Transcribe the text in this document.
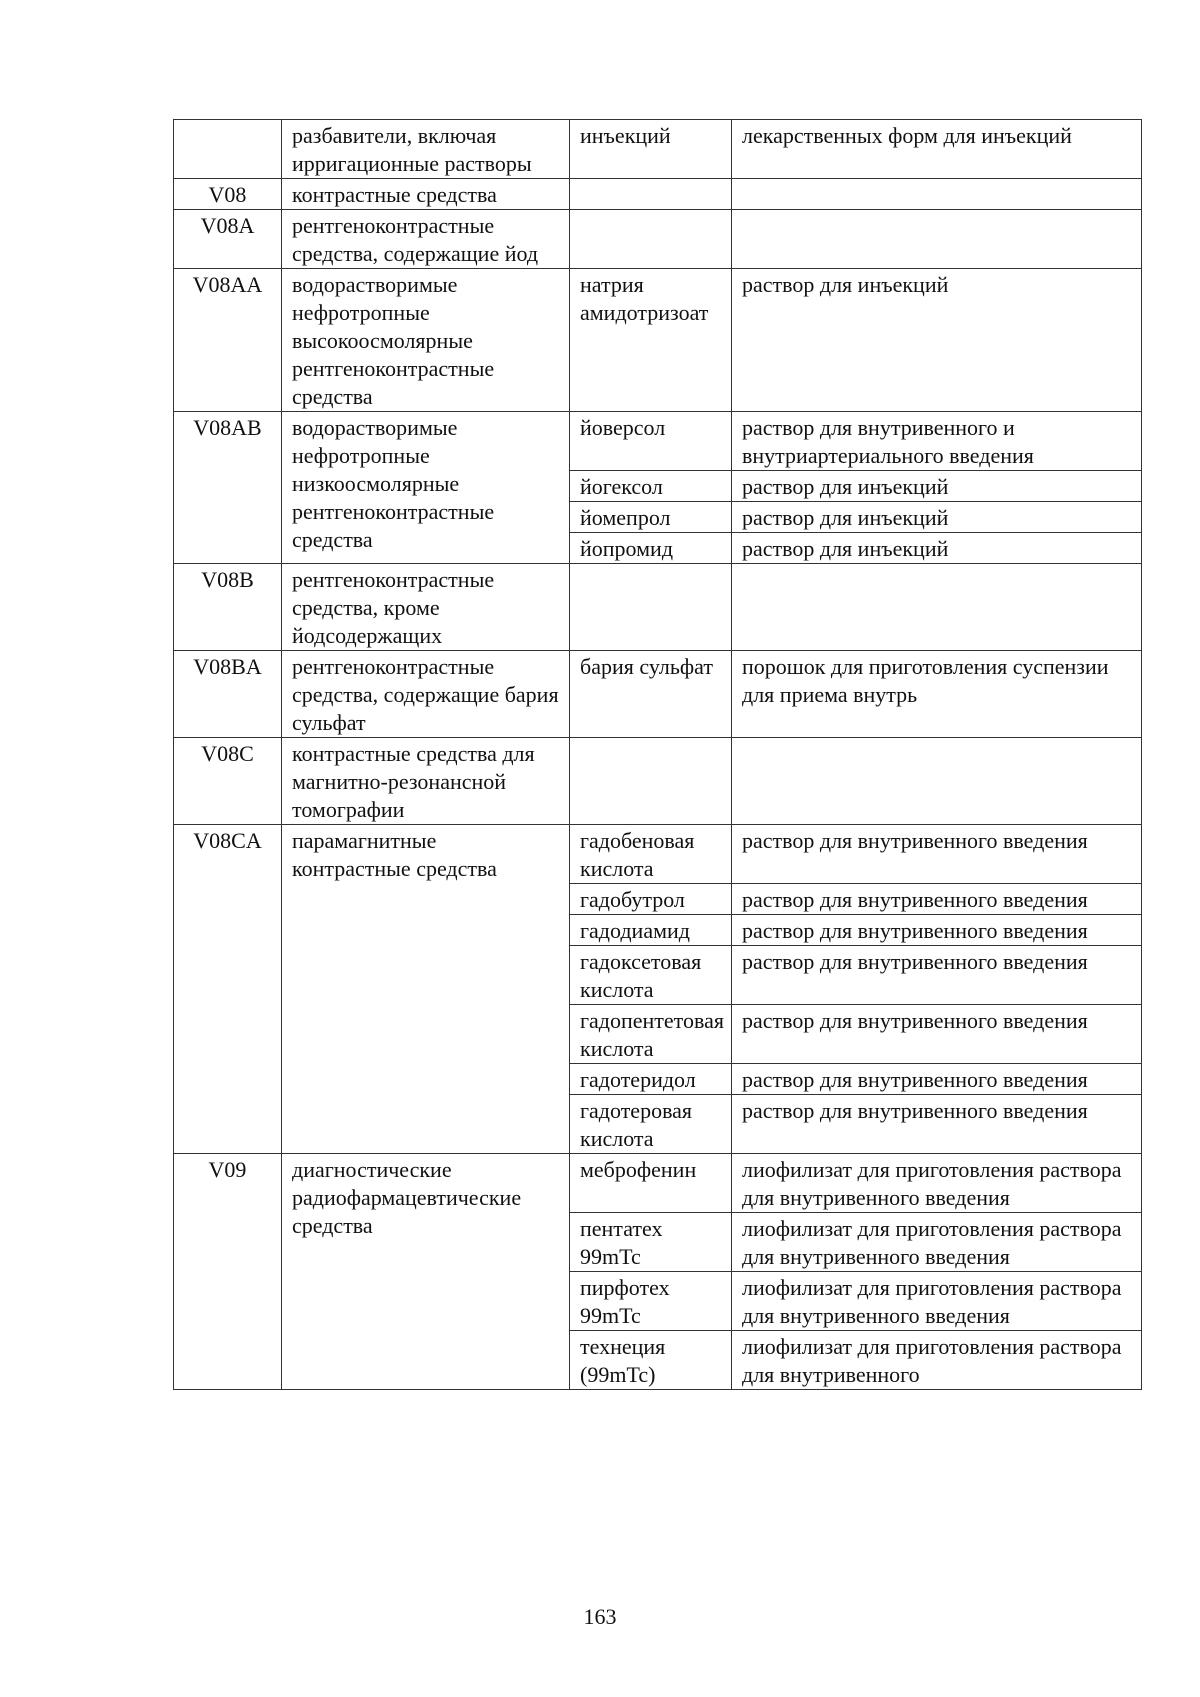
	разбавители, включая ирригационные растворы	инъекций	лекарственных форм для инъекций
V08	контрастные средства		
V08A	рентгеноконтрастные средства, содержащие йод		
V08AA	водорастворимые нефротропные высокоосмолярные рентгеноконтрастные средства	натрия амидотризоат	раствор для инъекций
V08AB	водорастворимые нефротропные низкоосмолярные рентгеноконтрастные средства	йоверсол	раствор для внутривенного и внутриартериального введения
		йогексол	раствор для инъекций
		йомепрол	раствор для инъекций
		йопромид	раствор для инъекций
V08B	рентгеноконтрастные средства, кроме йодсодержащих		
V08BA	рентгеноконтрастные средства, содержащие бария сульфат	бария сульфат	порошок для приготовления суспензии для приема внутрь
V08C	контрастные средства для магнитно-резонансной томографии		
V08CA	парамагнитные контрастные средства	гадобеновая кислота	раствор для внутривенного введения
		гадобутрол	раствор для внутривенного введения
		гадодиамид	раствор для внутривенного введения
		гадоксетовая кислота	раствор для внутривенного введения
		гадопентетовая кислота	раствор для внутривенного введения
		гадотеридол	раствор для внутривенного введения
		гадотеровая кислота	раствор для внутривенного введения
V09	диагностические радиофармацевтические средства	меброфенин	лиофилизат для приготовления раствора для внутривенного введения
		пентатех 99mTc	лиофилизат для приготовления раствора для внутривенного введения
		пирфотех 99mTc	лиофилизат для приготовления раствора для внутривенного введения
		технеция (99mTc)	лиофилизат для приготовления раствора для внутривенного
163
